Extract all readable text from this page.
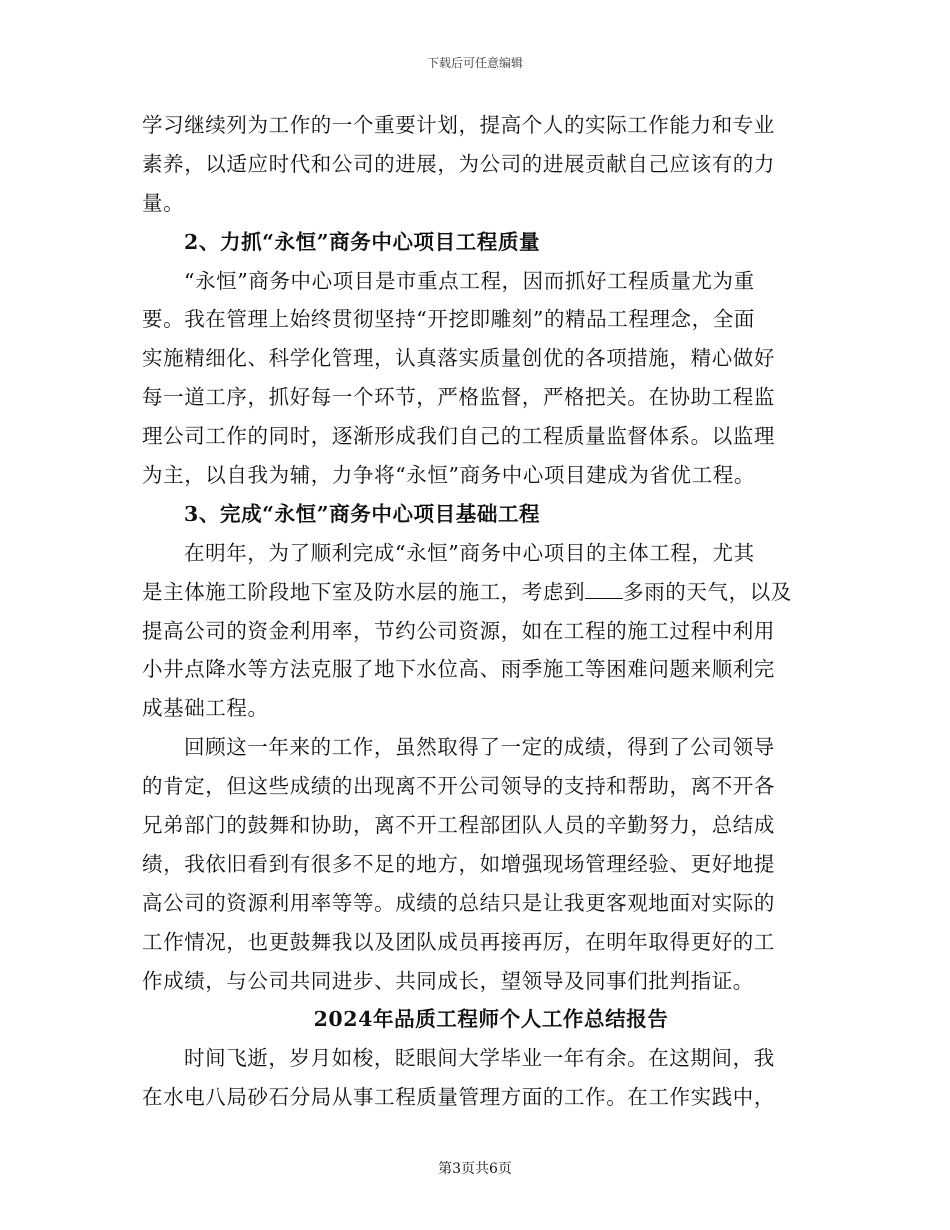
下载后可任意编辑
学习继续列为工作的一个重要计划，提高个人的实际工作能力和专业
素养，以适应时代和公司的进展，为公司的进展贡献自己应该有的力
量。
2、力抓“永恒”商务中心项目工程质量
“永恒”商务中心项目是市重点工程，因而抓好工程质量尤为重
要。我在管理上始终贯彻坚持“开挖即雕刻”的精品工程理念，全面
实施精细化、科学化管理，认真落实质量创优的各项措施，精心做好
每一道工序，抓好每一个环节，严格监督，严格把关。在协助工程监
理公司工作的同时，逐渐形成我们自己的工程质量监督体系。以监理
为主，以自我为辅，力争将“永恒”商务中心项目建成为省优工程。
3、完成“永恒”商务中心项目基础工程
在明年，为了顺利完成“永恒”商务中心项目的主体工程，尤其
是主体施工阶段地下室及防水层的施工，考虑到 多雨的天气，以及
提高公司的资金利用率，节约公司资源，如在工程的施工过程中利用
小井点降水等方法克服了地下水位高、雨季施工等困难问题来顺利完
成基础工程。
回顾这一年来的工作，虽然取得了一定的成绩，得到了公司领导
的肯定，但这些成绩的出现离不开公司领导的支持和帮助，离不开各
兄弟部门的鼓舞和协助，离不开工程部团队人员的辛勤努力，总结成
绩，我依旧看到有很多不足的地方，如增强现场管理经验、更好地提
高公司的资源利用率等等。成绩的总结只是让我更客观地面对实际的
工作情况，也更鼓舞我以及团队成员再接再厉，在明年取得更好的工
作成绩，与公司共同进步、共同成长，望领导及同事们批判指证。
2024年品质工程师个人工作总结报告
时间飞逝，岁月如梭，眨眼间大学毕业一年有余。在这期间，我
在水电八局砂石分局从事工程质量管理方面的工作。在工作实践中，
第3页共6页
